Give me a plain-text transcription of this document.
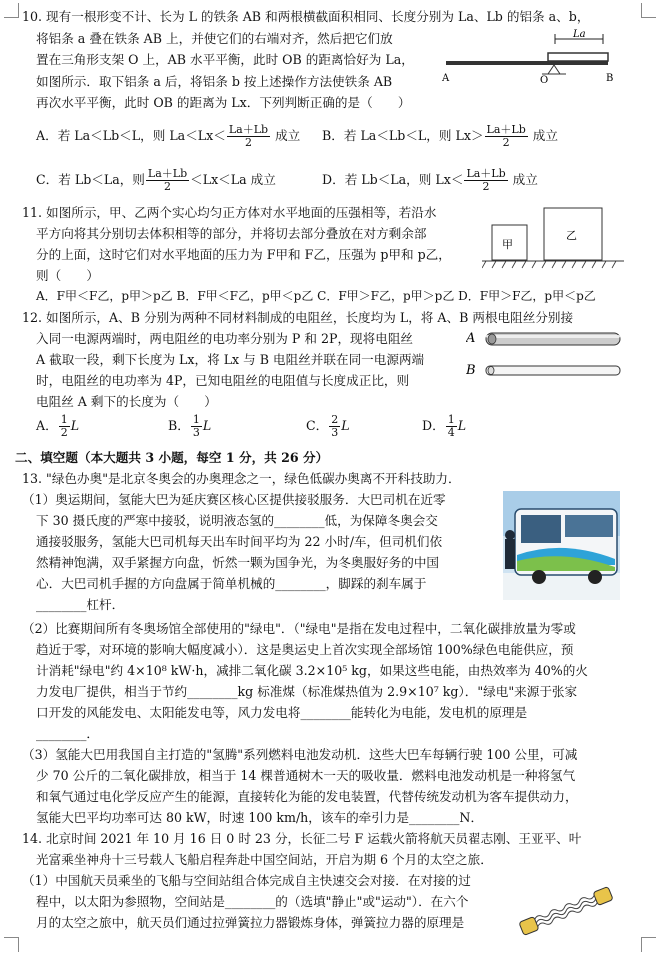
10. 现有一根形变不计、长为 L 的铁条 AB 和两根横截面积相同、长度分别为 La、Lb 的铝条 a、b，
将铝条 a 叠在铁条 AB 上，并使它们的右端对齐，然后把它们放
置在三角形支架 O 上，AB 水平平衡，此时 OB 的距离恰好为 La，
如图所示．取下铝条 a 后，将铝条 b 按上述操作方法使铁条 AB
再次水平平衡，此时 OB 的距离为 Lx．下列判断正确的是（　　）
La
O
A	B
A．若 La＜Lb＜L，则 $La<Lx< \frac{La+Lb}{2}$ 成立 B．若 La＜Lb＜L，则 $Lx> \frac{La+Lb}{2}$ 成立
C．若 Lb＜La，则 $\frac{La+Lb}{2} <Lx<La$ 成立	D．若 Lb＜La，则 $Lx< \frac{La+Lb}{2}$ 成立
11. 如图所示，甲、乙两个实心均匀正方体对水平地面的压强相等，若沿水
平方向将其分别切去体积相等的部分，并将切去部分叠放在对方剩余部
分的上面，这时它们对水平地面的压力为 F甲和 F乙，压强为 p甲和 p乙，
则（　　）
甲
乙
A．F甲＜F乙，p甲＞p乙 B．F甲＜F乙，p甲＜p乙 C．F甲＞F乙，p甲＞p乙 D．F甲＞F乙，p甲＜p乙
12. 如图所示，A、B 分别为两种不同材料制成的电阻丝，长度均为 L，将 A、B 两根电阻丝分别接
入同一电源两端时，两电阻丝的电功率分别为 P 和 2P，现将电阻丝
A 截取一段，剩下长度为 Lx，将 Lx 与 B 电阻丝并联在同一电源两端
时，电阻丝的电功率为 4P，已知电阻丝的电阻值与长度成正比，则
电阻丝 A 剩下的长度为（　　）
A
B
A． $\frac{1}{2}$ L	B． $\frac{1}{3}$ L	C． $\frac{2}{3}$ L	D． $\frac{1}{4}$ L
二、填空题（本大题共 3 小题，每空 1 分，共 26 分）
13. "绿色办奥"是北京冬奥会的办奥理念之一，绿色低碳办奥离不开科技助力．
（1）奥运期间，氢能大巴为延庆赛区核心区提供接驳服务．大巴司机在近零
下 30 摄氏度的严寒中接驳，说明液态氢的________低，为保障冬奥会交
通接驳服务，氢能大巴司机每天出车时间平均为 22 小时/车，但司机们依
然精神饱满，双手紧握方向盘，忻然一颗为国争光，为冬奥服好务的中国
心．大巴司机手握的方向盘属于简单机械的________，脚踩的刹车属于
________杠杆．
（2）比赛期间所有冬奥场馆全部使用的"绿电"．（"绿电"是指在发电过程中，二氧化碳排放量为零或
趋近于零，对环境的影响大幅度减小）．这是奥运史上首次实现全部场馆 100%绿色电能供应，预
计消耗"绿电"约 4×10⁸ kW·h，减排二氧化碳 3.2×10⁵ kg，如果这些电能，由热效率为 40%的火
力发电厂提供，相当于节约________kg 标准煤（标准煤热值为 2.9×10⁷ kg）．"绿电"来源于张家
口开发的风能发电、太阳能发电等，风力发电将________能转化为电能，发电机的原理是
________．
（3）氢能大巴用我国自主打造的"氢腾"系列燃料电池发动机．这些大巴车每辆行驶 100 公里，可减
少 70 公斤的二氧化碳排放，相当于 14 棵普通树木一天的吸收量．燃料电池发动机是一种将氢气
和氧气通过电化学反应产生的能源，直接转化为能的发电装置，代替传统发动机为客车提供动力，
氢能大巴平均功率可达 80 kW，时速 100 km/h，该车的牵引力是________N．
14. 北京时间 2021 年 10 月 16 日 0 时 23 分，长征二号 F 运载火箭将航天员翟志刚、王亚平、叶
光富乘坐神舟十三号载人飞船启程奔赴中国空间站，开启为期 6 个月的太空之旅．
（1）中国航天员乘坐的飞船与空间站组合体完成自主快速交会对接．在对接的过
程中，以太阳为参照物，空间站是________的（选填"静止"或"运动"）．在六个
月的太空之旅中，航天员们通过拉弹簧拉力器锻炼身体，弹簧拉力器的原理是
